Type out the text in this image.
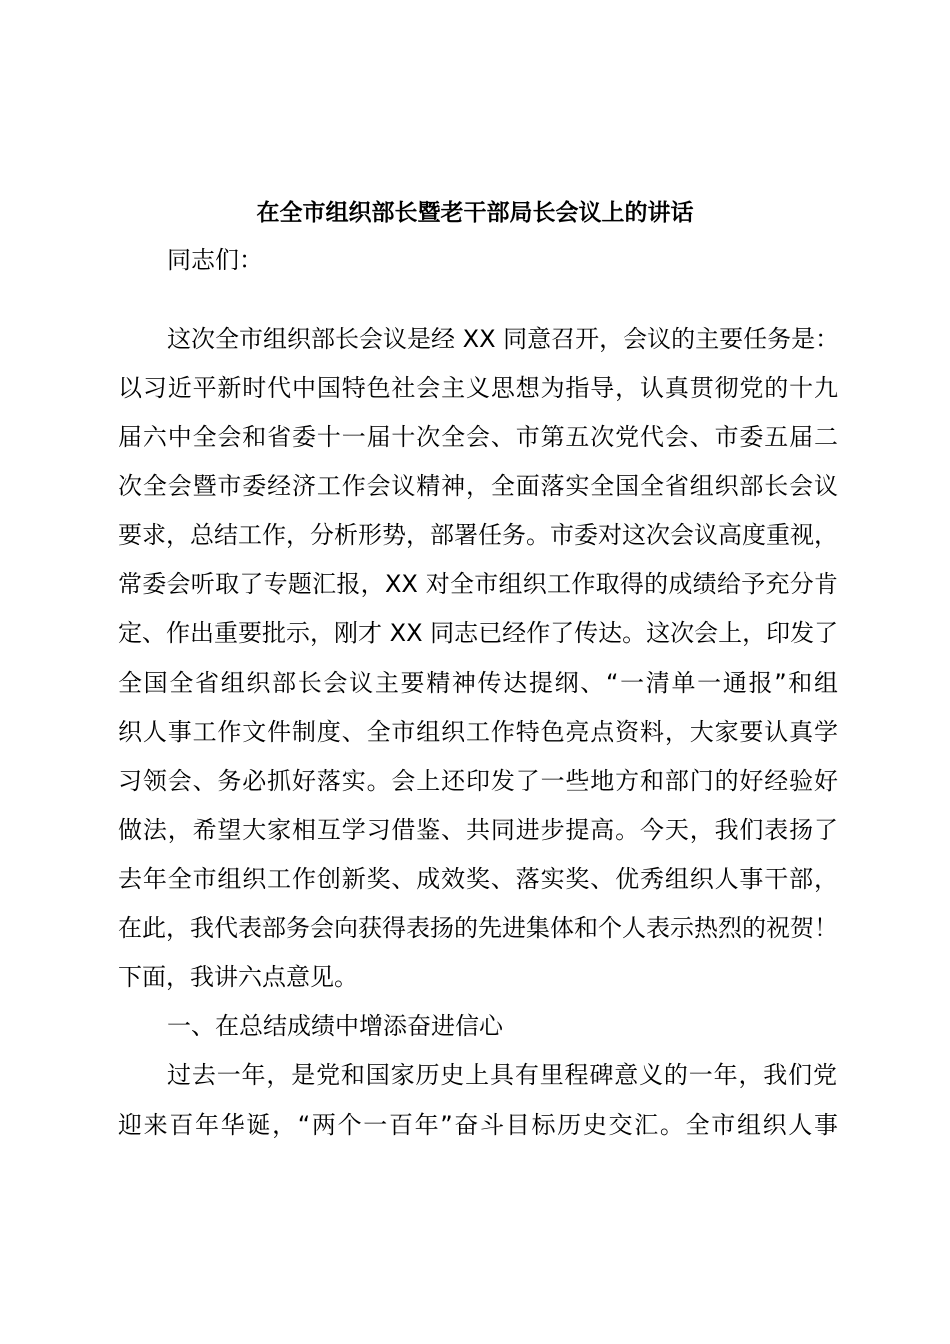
在全市组织部长暨老干部局长会议上的讲话
同志们：
这次全市组织部长会议是经 XX 同意召开，会议的主要任务是：
以习近平新时代中国特色社会主义思想为指导，认真贯彻党的十九
届六中全会和省委十一届十次全会、市第五次党代会、市委五届二
次全会暨市委经济工作会议精神，全面落实全国全省组织部长会议
要求，总结工作，分析形势，部署任务。市委对这次会议高度重视，
常委会听取了专题汇报，XX 对全市组织工作取得的成绩给予充分肯
定、作出重要批示，刚才 XX 同志已经作了传达。这次会上，印发了
全国全省组织部长会议主要精神传达提纲、“一清单一通报”和组
织人事工作文件制度、全市组织工作特色亮点资料，大家要认真学
习领会、务必抓好落实。会上还印发了一些地方和部门的好经验好
做法，希望大家相互学习借鉴、共同进步提高。今天，我们表扬了
去年全市组织工作创新奖、成效奖、落实奖、优秀组织人事干部，
在此，我代表部务会向获得表扬的先进集体和个人表示热烈的祝贺！
下面，我讲六点意见。
一、在总结成绩中增添奋进信心
过去一年，是党和国家历史上具有里程碑意义的一年，我们党
迎来百年华诞，“两个一百年”奋斗目标历史交汇。全市组织人事
